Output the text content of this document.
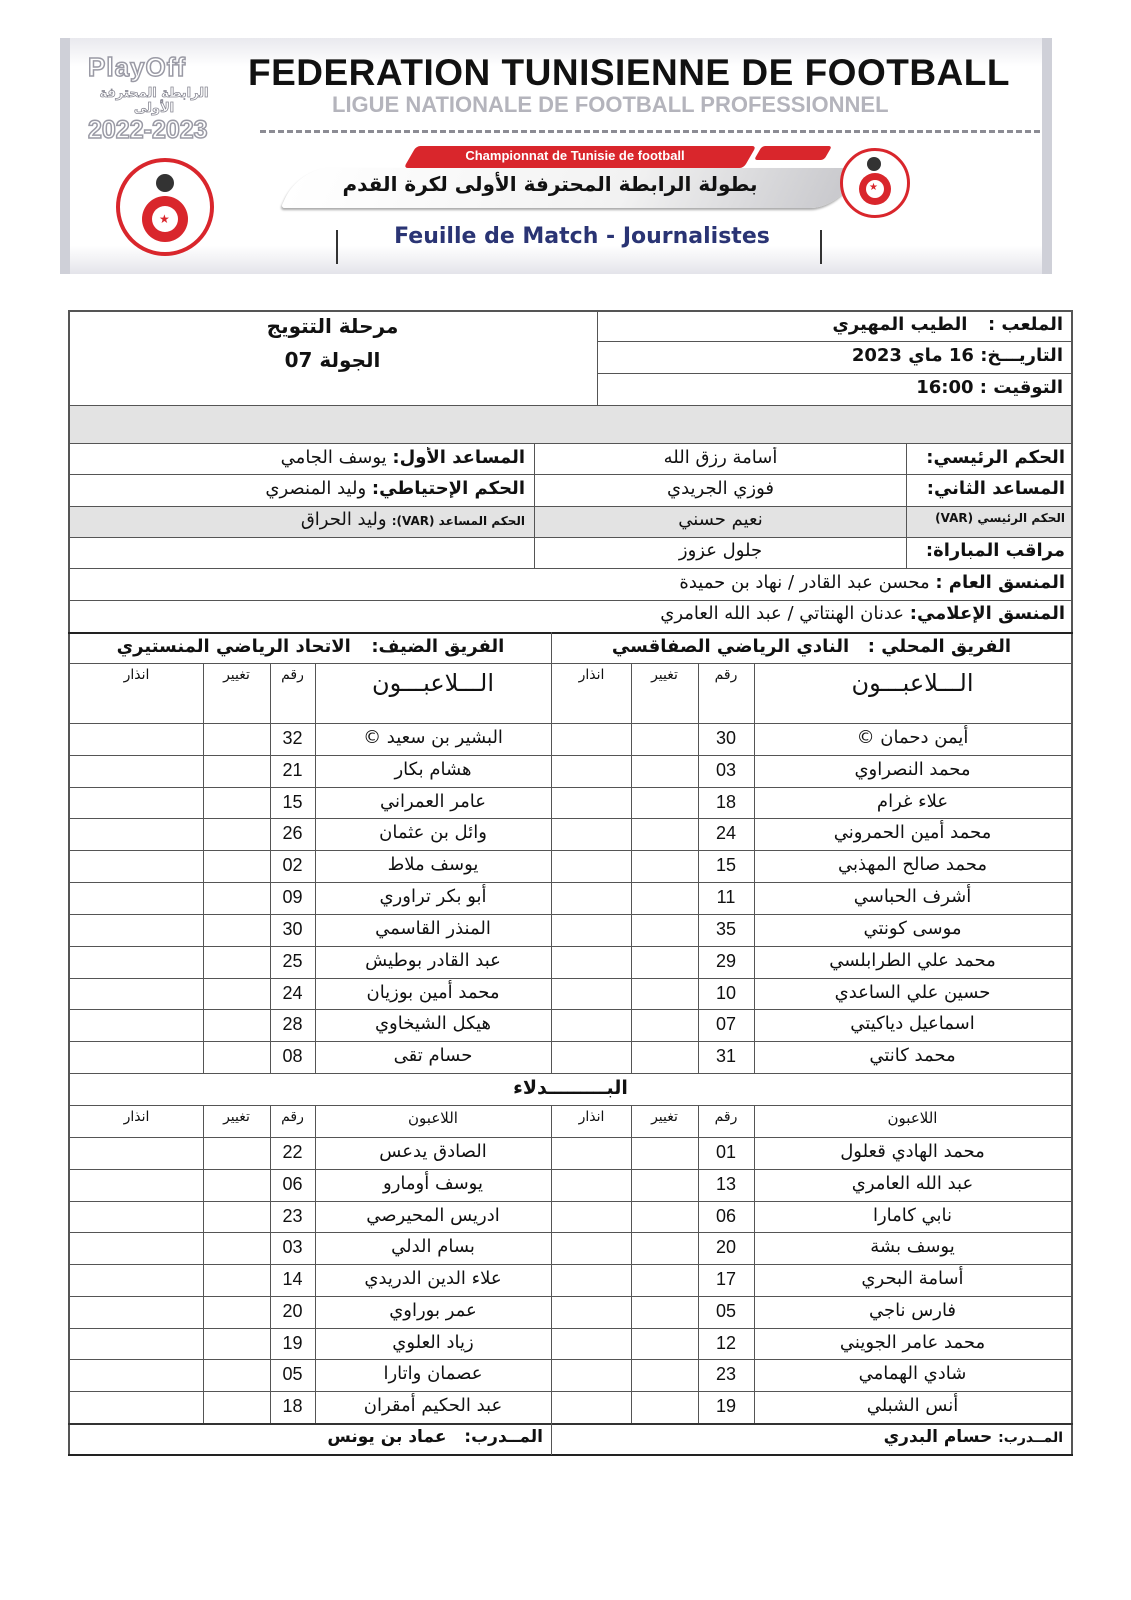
PlayOff
الرابطة المحترفة الأولى
2022-2023
FEDERATION TUNISIENNE DE FOOTBALL
LIGUE NATIONALE DE FOOTBALL PROFESSIONNEL
Championnat de Tunisie de football
بطولة الرابطة المحترفة الأولى لكرة القدم
Feuille de Match - Journalistes
★
★
الملعب :  الطيب المهيري
التاريـــخ: 16 ماي 2023
التوقيت : 16:00
مرحلة التتويج
الجولة 07
الحكم الرئيسي:
أسامة رزق الله
المساعد الأول: يوسف الجامي
المساعد الثاني:
فوزي الجريدي
الحكم الإحتياطي: وليد المنصري
الحكم الرئيسي (VAR)
نعيم حسني
الحكم المساعد (VAR): وليد الحراق
مراقب المباراة:
جلول عزوز
المنسق العام : محسن عبد القادر / نهاد بن حميدة
المنسق الإعلامي: عدنان الهنتاتي / عبد الله العامري
الفريق المحلي :  النادي الرياضي الصفاقسي
الفريق الضيف:  الاتحاد الرياضي المنستيري
البـــــــــدلاء
المــدرب: حسام البدري
المــدرب:  عماد بن يونس
الـــلاعبـــون
رقم
تغيير
انذار
أيمن دحمان ©
30
محمد النصراوي
03
علاء غرام
18
محمد أمين الحمروني
24
محمد صالح المهذبي
15
أشرف الحباسي
11
موسى كونتي
35
محمد علي الطرابلسي
29
حسين علي الساعدي
10
اسماعيل دياكيتي
07
محمد كانتي
31
الـــلاعبـــون
رقم
تغيير
انذار
البشير بن سعيد ©
32
هشام بكار
21
عامر العمراني
15
وائل بن عثمان
26
يوسف ملاط
02
أبو بكر تراوري
09
المنذر القاسمي
30
عبد القادر بوطيش
25
محمد أمين بوزيان
24
هيكل الشيخاوي
28
حسام تقى
08
اللاعبون
رقم
تغيير
انذار
محمد الهادي قعلول
01
عبد الله العامري
13
نابي كامارا
06
يوسف بشة
20
أسامة البحري
17
فارس ناجي
05
محمد عامر الجويني
12
شادي الهمامي
23
أنس الشبلي
19
اللاعبون
رقم
تغيير
انذار
الصادق يدعس
22
يوسف أومارو
06
ادريس المحيرصي
23
بسام الدلي
03
علاء الدين الدريدي
14
عمر بوراوي
20
زياد العلوي
19
عصمان واتارا
05
عبد الحكيم أمقران
18
